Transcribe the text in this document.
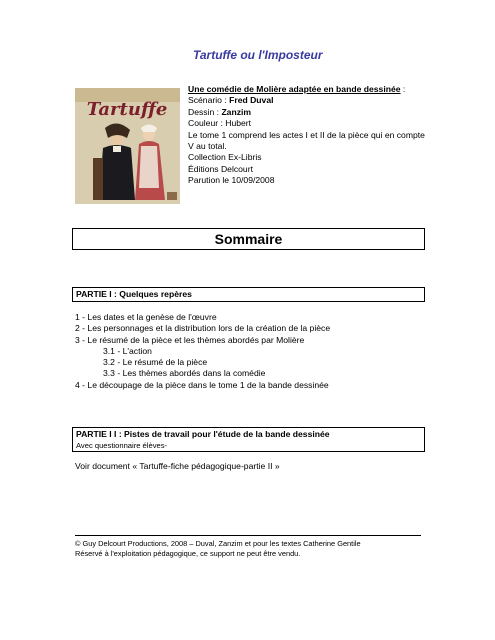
Tartuffe ou l'Imposteur
Tartuffe
Une comédie de Molière adaptée en bande dessinée :
Scénario : Fred Duval
Dessin : Zanzim
Couleur : Hubert
Le tome 1 comprend les actes I et II de la pièce qui en compte V au total.
Collection Ex-Libris
Éditions Delcourt
Parution le 10/09/2008
Sommaire
PARTIE I : Quelques repères
1 - Les dates et la genèse de l'œuvre
2 - Les personnages et la distribution lors de la création de la pièce
3 - Le résumé de la pièce et les thèmes abordés par Molière
3.1 - L'action
3.2 - Le résumé de la pièce
3.3 - Les thèmes abordés dans la comédie
4 - Le découpage de la pièce dans le tome 1 de la bande dessinée
PARTIE I I : Pistes de travail pour l'étude de la bande dessinée
Avec questionnaire élèves-
Voir document « Tartuffe-fiche pédagogique-partie II »
© Guy Delcourt Productions, 2008 – Duval, Zanzim et pour les textes Catherine Gentile
Réservé à l'exploitation pédagogique, ce support ne peut être vendu.
